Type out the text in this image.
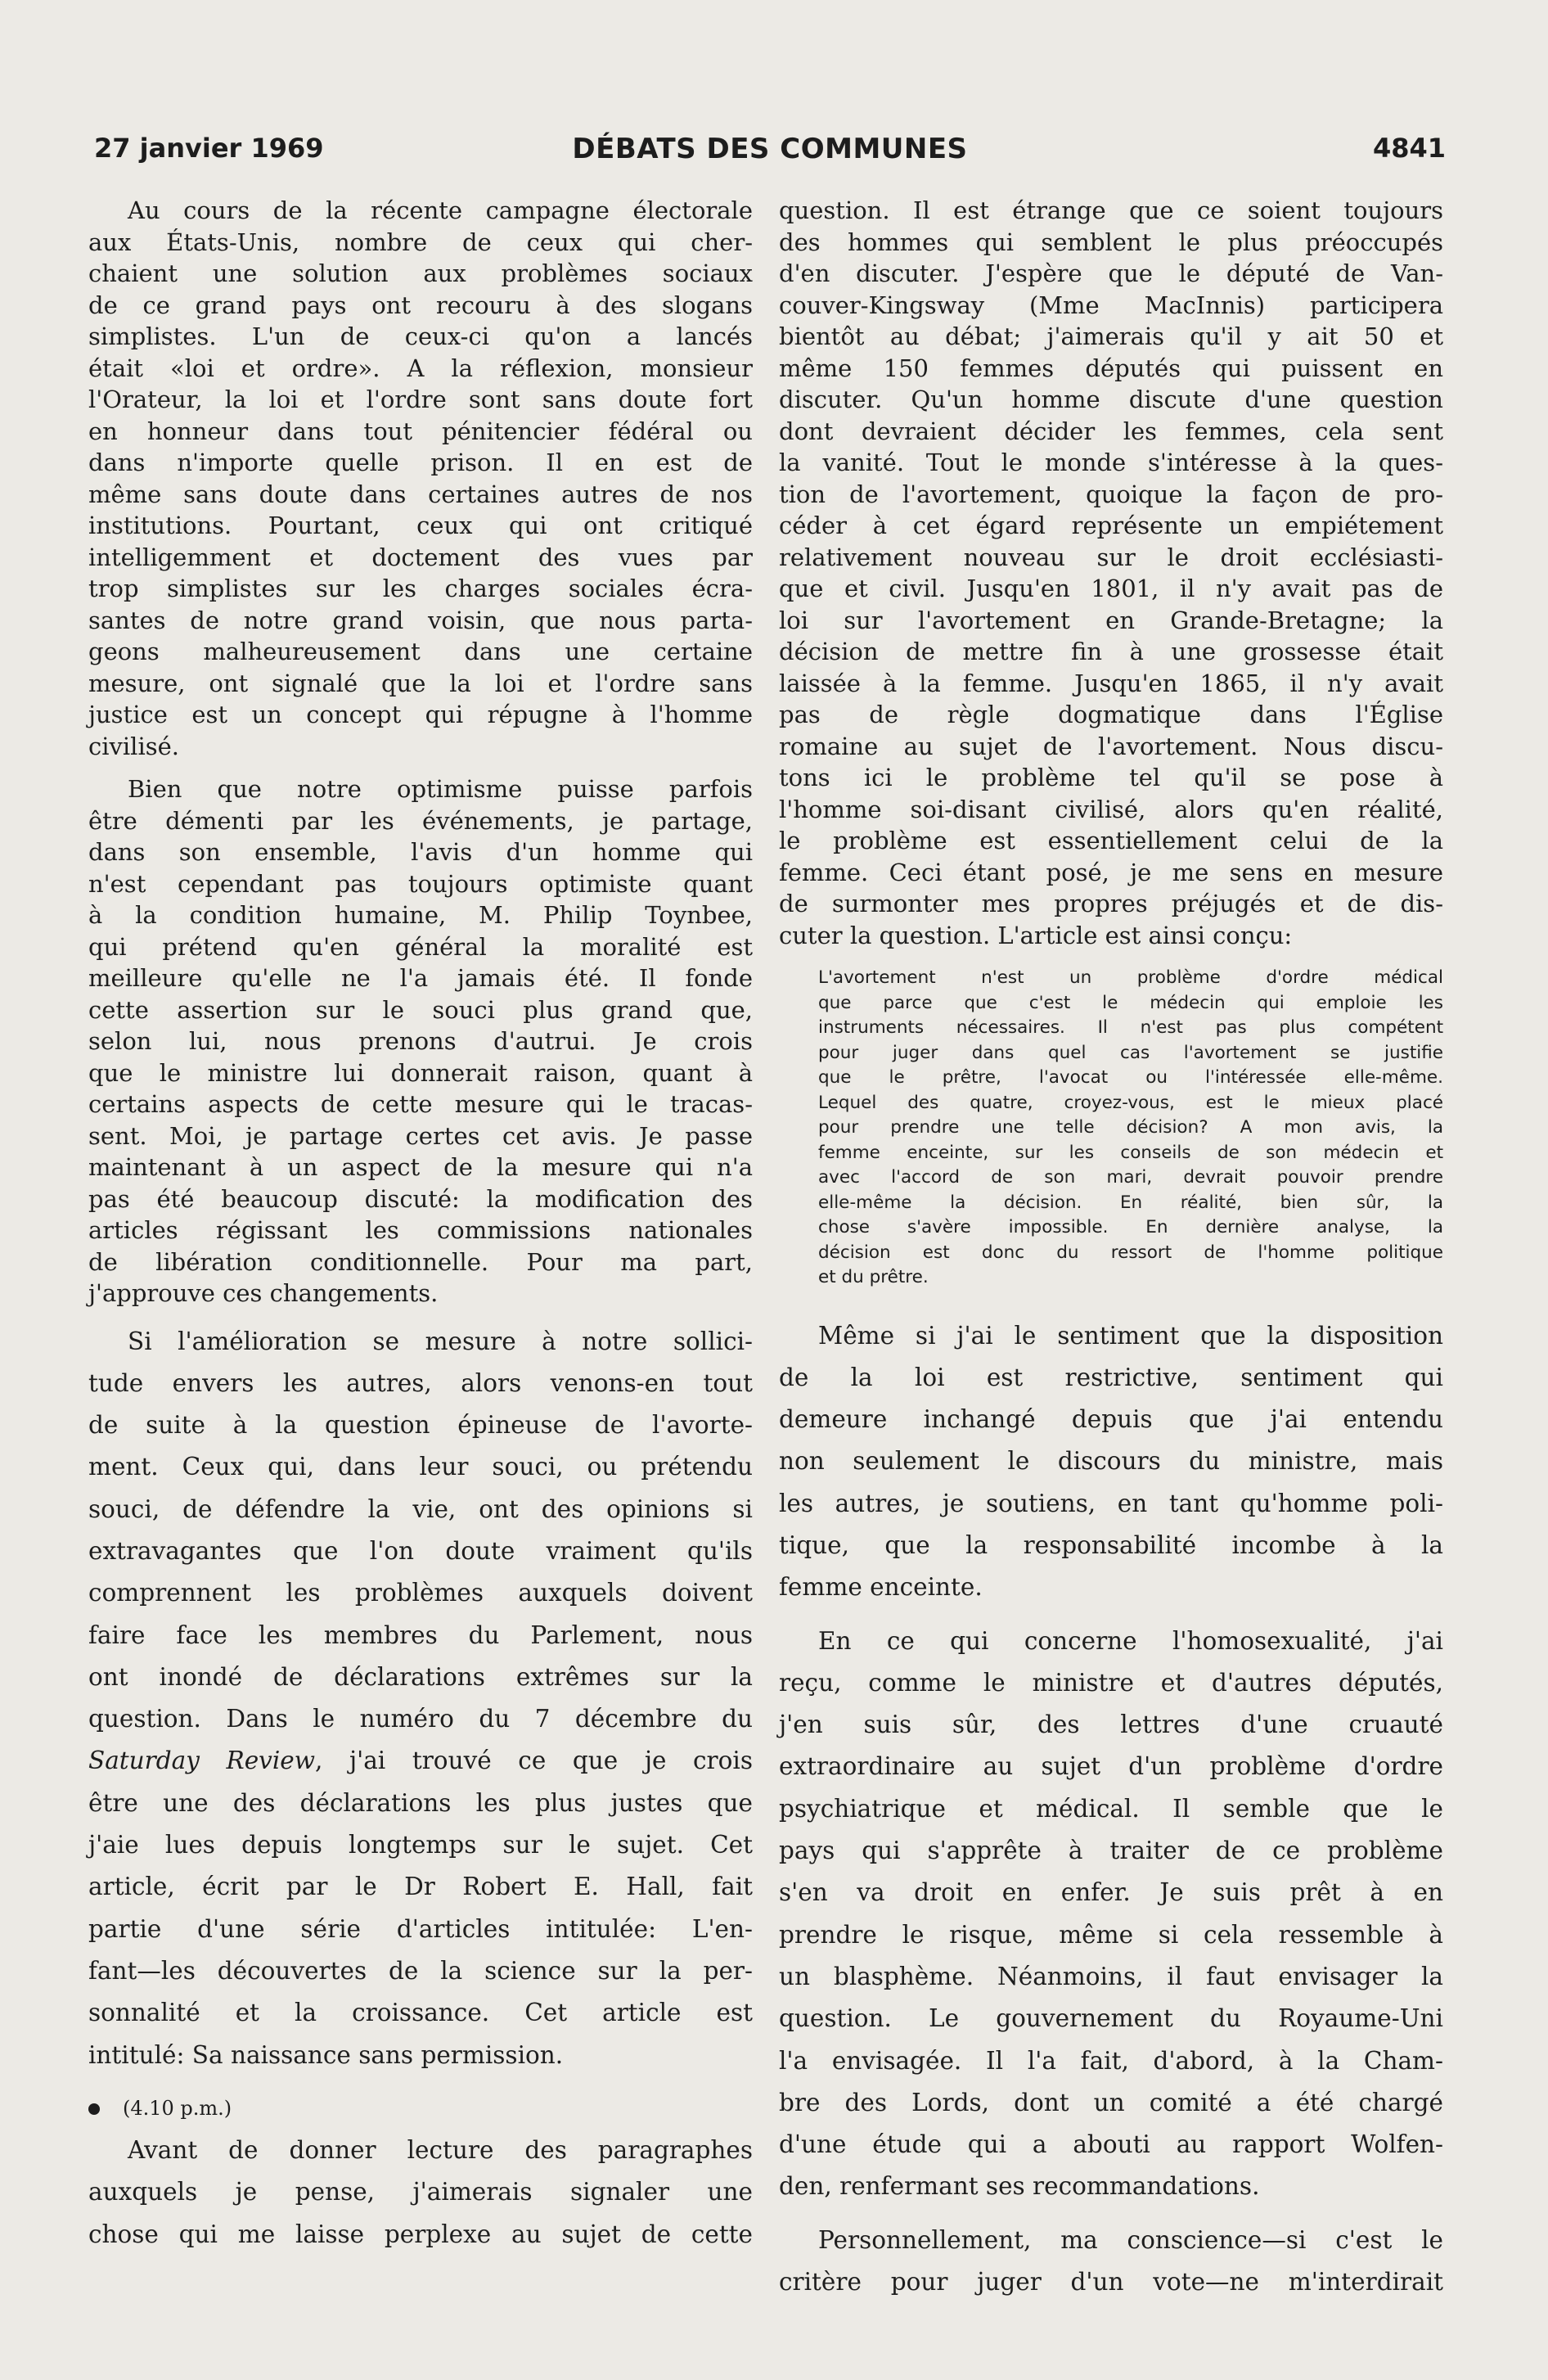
27 janvier 1969	DÉBATS DES COMMUNES	4841
Au cours de la récente campagne électorale
aux États-Unis, nombre de ceux qui cher-
chaient une solution aux problèmes sociaux
de ce grand pays ont recouru à des slogans
simplistes. L'un de ceux-ci qu'on a lancés
était «loi et ordre». A la réflexion, monsieur
l'Orateur, la loi et l'ordre sont sans doute fort
en honneur dans tout pénitencier fédéral ou
dans n'importe quelle prison. Il en est de
même sans doute dans certaines autres de nos
institutions. Pourtant, ceux qui ont critiqué
intelligemment et doctement des vues par
trop simplistes sur les charges sociales écra-
santes de notre grand voisin, que nous parta-
geons malheureusement dans une certaine
mesure, ont signalé que la loi et l'ordre sans
justice est un concept qui répugne à l'homme
civilisé.
Bien que notre optimisme puisse parfois
être démenti par les événements, je partage,
dans son ensemble, l'avis d'un homme qui
n'est cependant pas toujours optimiste quant
à la condition humaine, M. Philip Toynbee,
qui prétend qu'en général la moralité est
meilleure qu'elle ne l'a jamais été. Il fonde
cette assertion sur le souci plus grand que,
selon lui, nous prenons d'autrui. Je crois
que le ministre lui donnerait raison, quant à
certains aspects de cette mesure qui le tracas-
sent. Moi, je partage certes cet avis. Je passe
maintenant à un aspect de la mesure qui n'a
pas été beaucoup discuté: la modification des
articles régissant les commissions nationales
de libération conditionnelle. Pour ma part,
j'approuve ces changements.
Si l'amélioration se mesure à notre sollici-
tude envers les autres, alors venons-en tout
de suite à la question épineuse de l'avorte-
ment. Ceux qui, dans leur souci, ou prétendu
souci, de défendre la vie, ont des opinions si
extravagantes que l'on doute vraiment qu'ils
comprennent les problèmes auxquels doivent
faire face les membres du Parlement, nous
ont inondé de déclarations extrêmes sur la
question. Dans le numéro du 7 décembre du
Saturday Review, j'ai trouvé ce que je crois
être une des déclarations les plus justes que
j'aie lues depuis longtemps sur le sujet. Cet
article, écrit par le Dr Robert E. Hall, fait
partie d'une série d'articles intitulée: L'en-
fant—les découvertes de la science sur la per-
sonnalité et la croissance. Cet article est
intitulé: Sa naissance sans permission.
(4.10 p.m.)
Avant de donner lecture des paragraphes
auxquels je pense, j'aimerais signaler une
chose qui me laisse perplexe au sujet de cette
question. Il est étrange que ce soient toujours
des hommes qui semblent le plus préoccupés
d'en discuter. J'espère que le député de Van-
couver-Kingsway (Mme MacInnis) participera
bientôt au débat; j'aimerais qu'il y ait 50 et
même 150 femmes députés qui puissent en
discuter. Qu'un homme discute d'une question
dont devraient décider les femmes, cela sent
la vanité. Tout le monde s'intéresse à la ques-
tion de l'avortement, quoique la façon de pro-
céder à cet égard représente un empiétement
relativement nouveau sur le droit ecclésiasti-
que et civil. Jusqu'en 1801, il n'y avait pas de
loi sur l'avortement en Grande-Bretagne; la
décision de mettre fin à une grossesse était
laissée à la femme. Jusqu'en 1865, il n'y avait
pas de règle dogmatique dans l'Église
romaine au sujet de l'avortement. Nous discu-
tons ici le problème tel qu'il se pose à
l'homme soi-disant civilisé, alors qu'en réalité,
le problème est essentiellement celui de la
femme. Ceci étant posé, je me sens en mesure
de surmonter mes propres préjugés et de dis-
cuter la question. L'article est ainsi conçu:
L'avortement n'est un problème d'ordre médical
que parce que c'est le médecin qui emploie les
instruments nécessaires. Il n'est pas plus compétent
pour juger dans quel cas l'avortement se justifie
que le prêtre, l'avocat ou l'intéressée elle-même.
Lequel des quatre, croyez-vous, est le mieux placé
pour prendre une telle décision? A mon avis, la
femme enceinte, sur les conseils de son médecin et
avec l'accord de son mari, devrait pouvoir prendre
elle-même la décision. En réalité, bien sûr, la
chose s'avère impossible. En dernière analyse, la
décision est donc du ressort de l'homme politique
et du prêtre.
Même si j'ai le sentiment que la disposition
de la loi est restrictive, sentiment qui
demeure inchangé depuis que j'ai entendu
non seulement le discours du ministre, mais
les autres, je soutiens, en tant qu'homme poli-
tique, que la responsabilité incombe à la
femme enceinte.
En ce qui concerne l'homosexualité, j'ai
reçu, comme le ministre et d'autres députés,
j'en suis sûr, des lettres d'une cruauté
extraordinaire au sujet d'un problème d'ordre
psychiatrique et médical. Il semble que le
pays qui s'apprête à traiter de ce problème
s'en va droit en enfer. Je suis prêt à en
prendre le risque, même si cela ressemble à
un blasphème. Néanmoins, il faut envisager la
question. Le gouvernement du Royaume-Uni
l'a envisagée. Il l'a fait, d'abord, à la Cham-
bre des Lords, dont un comité a été chargé
d'une étude qui a abouti au rapport Wolfen-
den, renfermant ses recommandations.
Personnellement, ma conscience—si c'est le
critère pour juger d'un vote—ne m'interdirait
